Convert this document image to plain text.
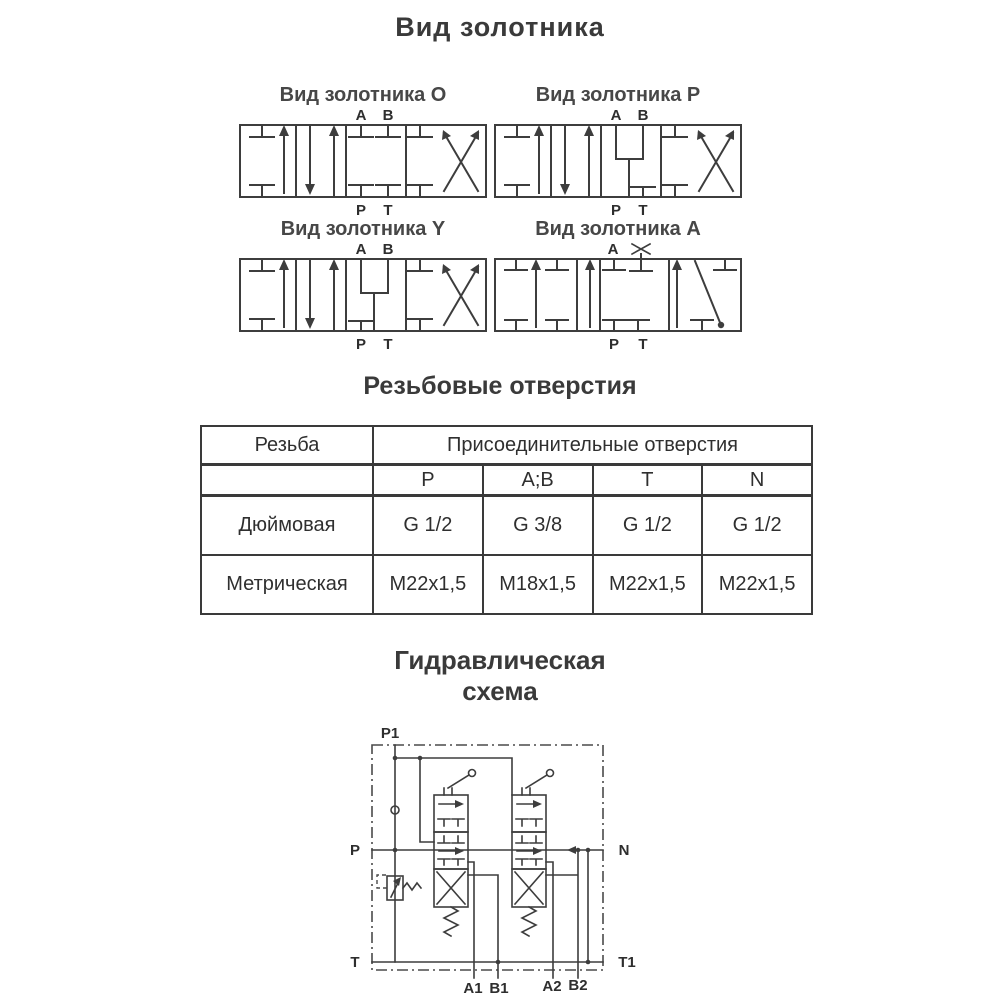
Вид золотника
Вид золотника O
A B
P T
Вид золотника P
A B
P T
Вид золотника Y
A B
P T
Вид золотника A
A
P T
Резьбовые отверстия
Резьба	Присоединительные отверстия			
	P	A;B	T	N
Дюймовая	G 1/2	G 3/8	G 1/2	G 1/2
Метрическая	M22x1,5	M18x1,5	M22x1,5	M22x1,5
Гидравлическая
схема
P1
P	N
T	T1
A1 B1 A2 B2
